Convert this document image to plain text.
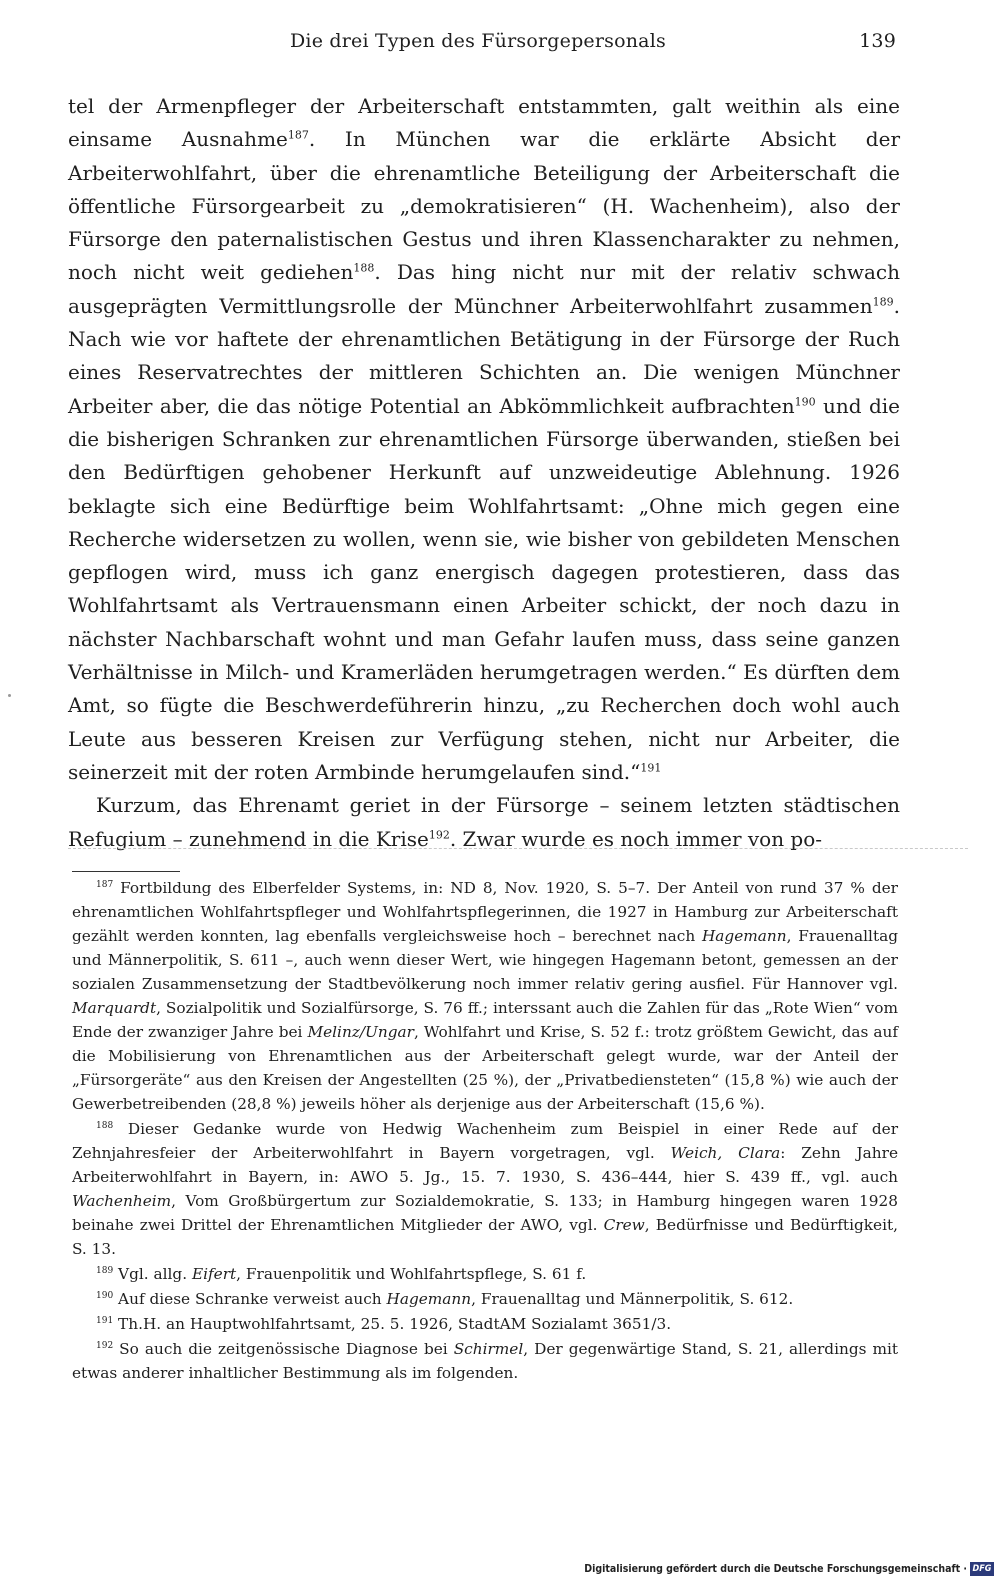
Die drei Typen des Fürsorgepersonals	139

tel der Armenpfleger der Arbeiterschaft entstammten, galt weithin als eine einsame Ausnahme$^{187}$. In München war die erklärte Absicht der Arbeiterwohlfahrt, über die ehrenamtliche Beteiligung der Arbeiterschaft die öffentliche Fürsorgearbeit zu „demokratisieren“ (H. Wachenheim), also der Fürsorge den paternalistischen Gestus und ihren Klassencharakter zu nehmen, noch nicht weit gediehen$^{188}$. Das hing nicht nur mit der relativ schwach ausgeprägten Vermittlungsrolle der Münchner Arbeiterwohlfahrt zusammen$^{189}$. Nach wie vor haftete der ehrenamtlichen Betätigung in der Fürsorge der Ruch eines Reservatrechtes der mittleren Schichten an. Die wenigen Münchner Arbeiter aber, die das nötige Potential an Abkömmlichkeit aufbrachten$^{190}$ und die die bisherigen Schranken zur ehrenamtlichen Fürsorge überwanden, stießen bei den Bedürftigen gehobener Herkunft auf unzweideutige Ablehnung. 1926 beklagte sich eine Bedürftige beim Wohlfahrtsamt: „Ohne mich gegen eine Recherche widersetzen zu wollen, wenn sie, wie bisher von gebildeten Menschen gepflogen wird, muss ich ganz energisch dagegen protestieren, dass das Wohlfahrtsamt als Vertrauensmann einen Arbeiter schickt, der noch dazu in nächster Nachbarschaft wohnt und man Gefahr laufen muss, dass seine ganzen Verhältnisse in Milch- und Kramerläden herumgetragen werden.“ Es dürften dem Amt, so fügte die Beschwerdeführerin hinzu, „zu Recherchen doch wohl auch Leute aus besseren Kreisen zur Verfügung stehen, nicht nur Arbeiter, die seinerzeit mit der roten Armbinde herumgelaufen sind.“$^{191}$

Kurzum, das Ehrenamt geriet in der Fürsorge – seinem letzten städtischen Refugium – zunehmend in die Krise$^{192}$. Zwar wurde es noch immer von po-

$^{187}$ Fortbildung des Elberfelder Systems, in: ND 8, Nov. 1920, S. 5–7. Der Anteil von rund 37 % der ehrenamtlichen Wohlfahrtspfleger und Wohlfahrtspflegerinnen, die 1927 in Hamburg zur Arbeiterschaft gezählt werden konnten, lag ebenfalls vergleichsweise hoch – berechnet nach Hagemann, Frauenalltag und Männerpolitik, S. 611 –, auch wenn dieser Wert, wie hingegen Hagemann betont, gemessen an der sozialen Zusammensetzung der Stadtbevölkerung noch immer relativ gering ausfiel. Für Hannover vgl. Marquardt, Sozialpolitik und Sozialfürsorge, S. 76 ff.; interssant auch die Zahlen für das „Rote Wien“ vom Ende der zwanziger Jahre bei Melinz/Ungar, Wohlfahrt und Krise, S. 52 f.: trotz größtem Gewicht, das auf die Mobilisierung von Ehrenamtlichen aus der Arbeiterschaft gelegt wurde, war der Anteil der „Fürsorgeräte“ aus den Kreisen der Angestellten (25 %), der „Privatbediensteten“ (15,8 %) wie auch der Gewerbetreibenden (28,8 %) jeweils höher als derjenige aus der Arbeiterschaft (15,6 %).

$^{188}$ Dieser Gedanke wurde von Hedwig Wachenheim zum Beispiel in einer Rede auf der Zehnjahresfeier der Arbeiterwohlfahrt in Bayern vorgetragen, vgl. Weich, Clara: Zehn Jahre Arbeiterwohlfahrt in Bayern, in: AWO 5. Jg., 15. 7. 1930, S. 436–444, hier S. 439 ff., vgl. auch Wachenheim, Vom Großbürgertum zur Sozialdemokratie, S. 133; in Hamburg hingegen waren 1928 beinahe zwei Drittel der Ehrenamtlichen Mitglieder der AWO, vgl. Crew, Bedürfnisse und Bedürftigkeit, S. 13.

$^{189}$ Vgl. allg. Eifert, Frauenpolitik und Wohlfahrtspflege, S. 61 f.

$^{190}$ Auf diese Schranke verweist auch Hagemann, Frauenalltag und Männerpolitik, S. 612.

$^{191}$ Th.H. an Hauptwohlfahrtsamt, 25. 5. 1926, StadtAM Sozialamt 3651/3.

$^{192}$ So auch die zeitgenössische Diagnose bei Schirmel, Der gegenwärtige Stand, S. 21, allerdings mit etwas anderer inhaltlicher Bestimmung als im folgenden.

Digitalisierung gefördert durch die Deutsche Forschungsgemeinschaft · DFG
